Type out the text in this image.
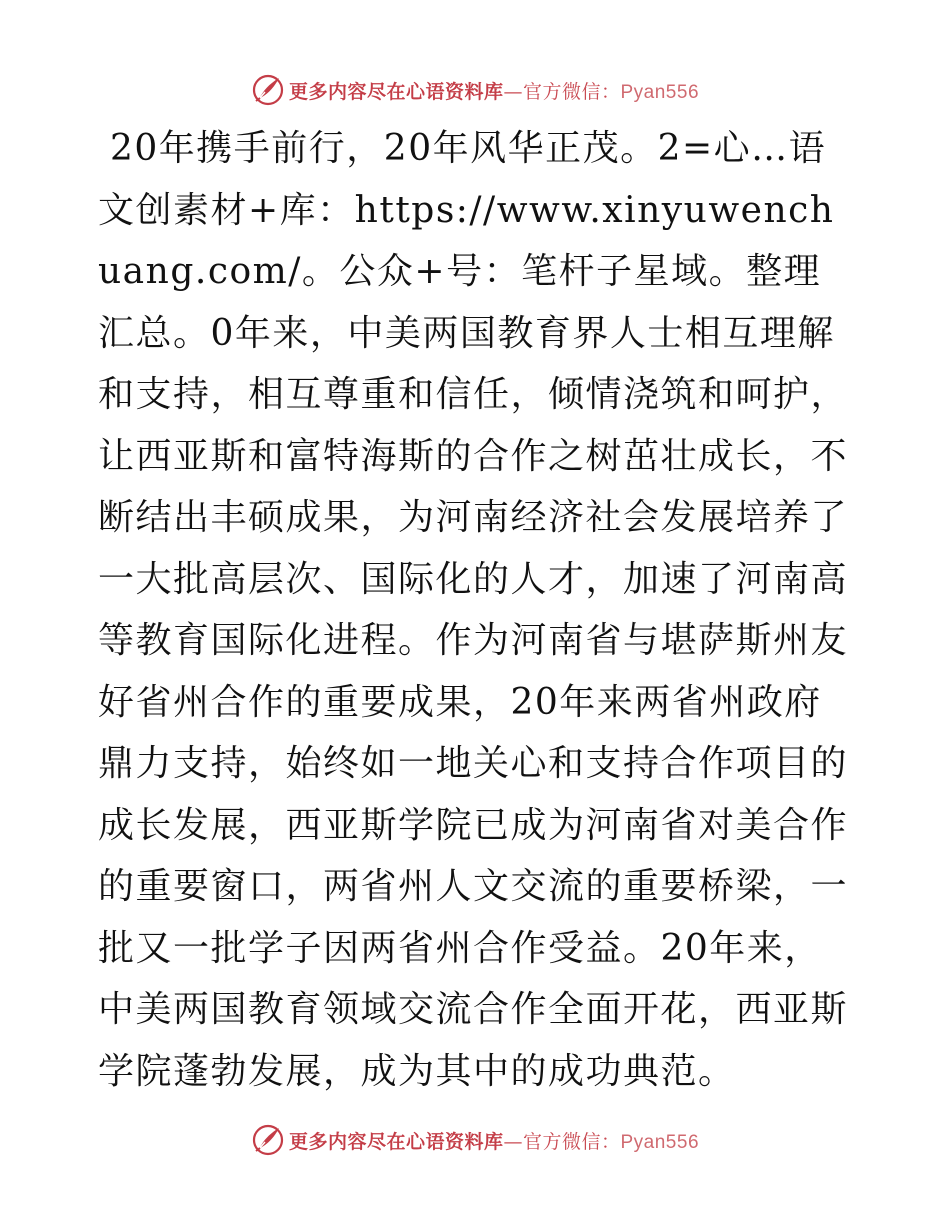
更多内容尽在心语资料库—官方微信：Pyan556

20年携手前行，20年风华正茂。2=心…语文创素材+库：https://www.xinyuwenchuang.com/。公众+号：笔杆子星域。整理汇总。0年来，中美两国教育界人士相互理解和支持，相互尊重和信任，倾情浇筑和呵护，让西亚斯和富特海斯的合作之树茁壮成长，不断结出丰硕成果，为河南经济社会发展培养了一大批高层次、国际化的人才，加速了河南高等教育国际化进程。作为河南省与堪萨斯州友好省州合作的重要成果，20年来两省州政府鼎力支持，始终如一地关心和支持合作项目的成长发展，西亚斯学院已成为河南省对美合作的重要窗口，两省州人文交流的重要桥梁，一批又一批学子因两省州合作受益。20年来，中美两国教育领域交流合作全面开花，西亚斯学院蓬勃发展，成为其中的成功典范。

更多内容尽在心语资料库—官方微信：Pyan556
